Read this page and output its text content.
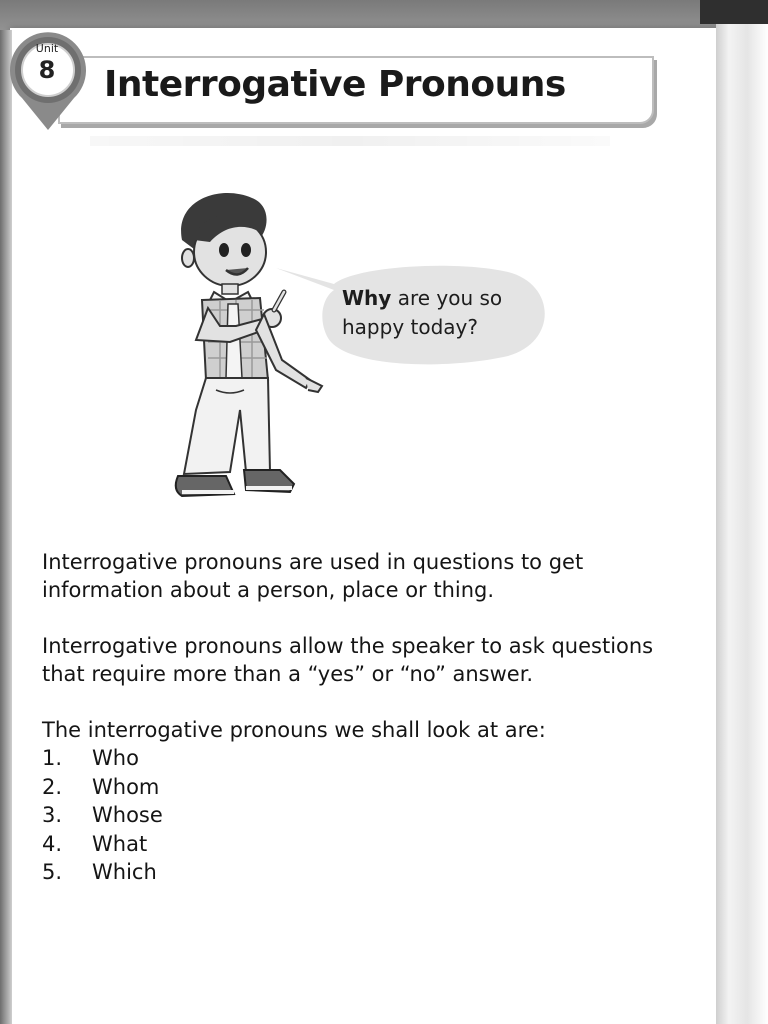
Interrogative Pronouns
Unit
8
Why are you so
happy today?

Interrogative pronouns are used in questions to get information about a person, place or thing.

Interrogative pronouns allow the speaker to ask questions that require more than a “yes” or “no” answer.

The interrogative pronouns we shall look at are:

1.	Who
2.	Whom
3.	Whose
4.	What
5.	Which
